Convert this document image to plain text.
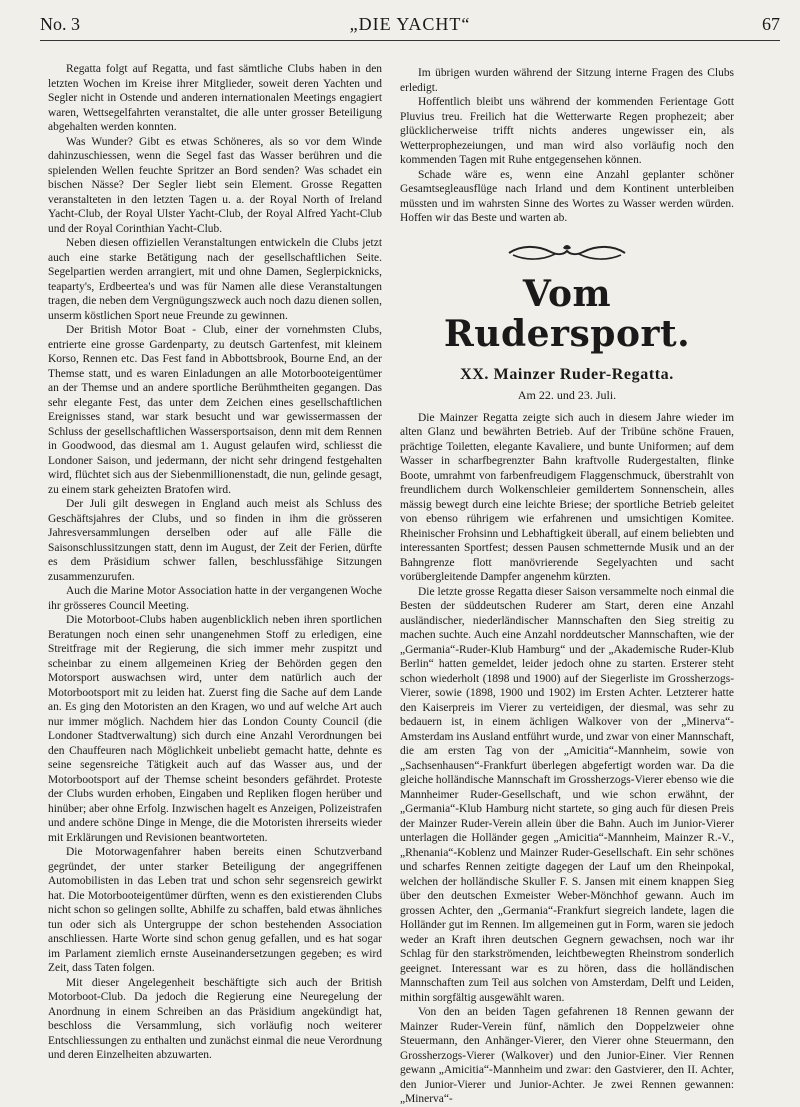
No. 3	„DIE YACHT“	67

Regatta folgt auf Regatta, und fast sämtliche Clubs haben in den letzten Wochen im Kreise ihrer Mitglieder, soweit deren Yachten und Segler nicht in Ostende und anderen internationalen Meetings engagiert waren, Wettsegelfahrten veranstaltet, die alle unter grosser Beteiligung abgehalten werden konnten.

Was Wunder? Gibt es etwas Schöneres, als so vor dem Winde dahinzuschiessen, wenn die Segel fast das Wasser berühren und die spielenden Wellen feuchte Spritzer an Bord senden? Was schadet ein bischen Nässe? Der Segler liebt sein Element. Grosse Regatten veranstalteten in den letzten Tagen u. a. der Royal North of Ireland Yacht-Club, der Royal Ulster Yacht-Club, der Royal Alfred Yacht-Club und der Royal Corinthian Yacht-Club.

Neben diesen offiziellen Veranstaltungen entwickeln die Clubs jetzt auch eine starke Betätigung nach der gesellschaftlichen Seite. Segelpartien werden arrangiert, mit und ohne Damen, Seglerpicknicks, teaparty's, Erdbeertea's und was für Namen alle diese Veranstaltungen tragen, die neben dem Vergnügungszweck auch noch dazu dienen sollen, unserm köstlichen Sport neue Freunde zu gewinnen.

Der British Motor Boat - Club, einer der vornehmsten Clubs, entrierte eine grosse Gardenparty, zu deutsch Gartenfest, mit kleinem Korso, Rennen etc. Das Fest fand in Abbottsbrook, Bourne End, an der Themse statt, und es waren Einladungen an alle Motorbooteigentümer an der Themse und an andere sportliche Berühmtheiten gegangen. Das sehr elegante Fest, das unter dem Zeichen eines gesellschaftlichen Ereignisses stand, war stark besucht und war gewissermassen der Schluss der gesellschaftlichen Wassersportsaison, denn mit dem Rennen in Goodwood, das diesmal am 1. August gelaufen wird, schliesst die Londoner Saison, und jedermann, der nicht sehr dringend festgehalten wird, flüchtet sich aus der Siebenmillionenstadt, die nun, gelinde gesagt, zu einem stark geheizten Bratofen wird.

Der Juli gilt deswegen in England auch meist als Schluss des Geschäftsjahres der Clubs, und so finden in ihm die grösseren Jahresversammlungen derselben oder auf alle Fälle die Saisonschlussitzungen statt, denn im August, der Zeit der Ferien, dürfte es dem Präsidium schwer fallen, beschlussfähige Sitzungen zusammenzurufen.

Auch die Marine Motor Association hatte in der vergangenen Woche ihr grösseres Council Meeting.

Die Motorboot-Clubs haben augenblicklich neben ihren sportlichen Beratungen noch einen sehr unangenehmen Stoff zu erledigen, eine Streitfrage mit der Regierung, die sich immer mehr zuspitzt und scheinbar zu einem allgemeinen Krieg der Behörden gegen den Motorsport auswachsen wird, unter dem natürlich auch der Motorbootsport mit zu leiden hat. Zuerst fing die Sache auf dem Lande an. Es ging den Motoristen an den Kragen, wo und auf welche Art auch nur immer möglich. Nachdem hier das London County Council (die Londoner Stadtverwaltung) sich durch eine Anzahl Verordnungen bei den Chauffeuren nach Möglichkeit unbeliebt gemacht hatte, dehnte es seine segensreiche Tätigkeit auch auf das Wasser aus, und der Motorbootsport auf der Themse scheint besonders gefährdet. Proteste der Clubs wurden erhoben, Eingaben und Repliken flogen herüber und hinüber; aber ohne Erfolg. Inzwischen hagelt es Anzeigen, Polizeistrafen und andere schöne Dinge in Menge, die die Motoristen ihrerseits wieder mit Erklärungen und Revisionen beantworteten.

Die Motorwagenfahrer haben bereits einen Schutzverband gegründet, der unter starker Beteiligung der angegriffenen Automobilisten in das Leben trat und schon sehr segensreich gewirkt hat. Die Motorbooteigentümer dürften, wenn es den existierenden Clubs nicht schon so gelingen sollte, Abhilfe zu schaffen, bald etwas ähnliches tun oder sich als Untergruppe der schon bestehenden Association anschliessen. Harte Worte sind schon genug gefallen, und es hat sogar im Parlament ziemlich ernste Auseinandersetzungen gegeben; es wird Zeit, dass Taten folgen.

Mit dieser Angelegenheit beschäftigte sich auch der British Motorboot-Club. Da jedoch die Regierung eine Neuregelung der Anordnung in einem Schreiben an das Präsidium angekündigt hat, beschloss die Versammlung, sich vorläufig noch weiterer Entschliessungen zu enthalten und zunächst einmal die neue Verordnung und deren Einzelheiten abzuwarten.

Im übrigen wurden während der Sitzung interne Fragen des Clubs erledigt.

Hoffentlich bleibt uns während der kommenden Ferientage Gott Pluvius treu. Freilich hat die Wetterwarte Regen prophezeit; aber glücklicherweise trifft nichts anderes ungewisser ein, als Wetterprophezeiungen, und man wird also vorläufig noch den kommenden Tagen mit Ruhe entgegensehen können.

Schade wäre es, wenn eine Anzahl geplanter schöner Gesamtsegleausflüge nach Irland und dem Kontinent unterbleiben müssten und im wahrsten Sinne des Wortes zu Wasser werden würden. Hoffen wir das Beste und warten ab.

Vom Rudersport.
XX. Mainzer Ruder-Regatta.
Am 22. und 23. Juli.

Die Mainzer Regatta zeigte sich auch in diesem Jahre wieder im alten Glanz und bewährten Betrieb. Auf der Tribüne schöne Frauen, prächtige Toiletten, elegante Kavaliere, und bunte Uniformen; auf dem Wasser in scharfbegrenzter Bahn kraftvolle Rudergestalten, flinke Boote, umrahmt von farbenfreudigem Flaggenschmuck, überstrahlt von freundlichem durch Wolkenschleier gemildertem Sonnenschein, alles mässig bewegt durch eine leichte Briese; der sportliche Betrieb geleitet von ebenso rührigem wie erfahrenen und umsichtigen Komitee. Rheinischer Frohsinn und Lebhaftigkeit überall, auf einem beliebten und interessanten Sportfest; dessen Pausen schmetternde Musik und an der Bahngrenze flott manövrierende Segelyachten und sacht vorübergleitende Dampfer angenehm kürzten.

Die letzte grosse Regatta dieser Saison versammelte noch einmal die Besten der süddeutschen Ruderer am Start, deren eine Anzahl ausländischer, niederländischer Mannschaften den Sieg streitig zu machen suchte. Auch eine Anzahl norddeutscher Mannschaften, wie der „Germania“-Ruder-Klub Hamburg“ und der „Akademische Ruder-Klub Berlin“ hatten gemeldet, leider jedoch ohne zu starten. Ersterer steht schon wiederholt (1898 und 1900) auf der Siegerliste im Grossherzogs-Vierer, sowie (1898, 1900 und 1902) im Ersten Achter. Letzterer hatte den Kaiserpreis im Vierer zu verteidigen, der diesmal, was sehr zu bedauern ist, in einem ächligen Walkover von der „Minerva“-Amsterdam ins Ausland entführt wurde, und zwar von einer Mannschaft, die am ersten Tag von der „Amicitia“-Mannheim, sowie von „Sachsenhausen“-Frankfurt überlegen abgefertigt worden war. Da die gleiche holländische Mannschaft im Grossherzogs-Vierer ebenso wie die Mannheimer Ruder-Gesellschaft, und wie schon erwähnt, der „Germania“-Klub Hamburg nicht startete, so ging auch für diesen Preis der Mainzer Ruder-Verein allein über die Bahn. Auch im Junior-Vierer unterlagen die Holländer gegen „Amicitia“-Mannheim, Mainzer R.-V., „Rhenania“-Koblenz und Mainzer Ruder-Gesellschaft. Ein sehr schönes und scharfes Rennen zeitigte dagegen der Lauf um den Rheinpokal, welchen der holländische Skuller F. S. Jansen mit einem knappen Sieg über den deutschen Exmeister Weber-Mönchhof gewann. Auch im grossen Achter, den „Germania“-Frankfurt siegreich landete, lagen die Holländer gut im Rennen. Im allgemeinen gut in Form, waren sie jedoch weder an Kraft ihren deutschen Gegnern gewachsen, noch war ihr Schlag für den starkströmenden, leichtbewegten Rheinstrom sonderlich geeignet. Interessant war es zu hören, dass die holländischen Mannschaften zum Teil aus solchen von Amsterdam, Delft und Leiden, mithin sorgfältig ausgewählt waren.

Von den an beiden Tagen gefahrenen 18 Rennen gewann der Mainzer Ruder-Verein fünf, nämlich den Doppelzweier ohne Steuermann, den Anhänger-Vierer, den Vierer ohne Steuermann, den Grossherzogs-Vierer (Walkover) und den Junior-Einer. Vier Rennen gewann „Amicitia“-Mannheim und zwar: den Gastvierer, den II. Achter, den Junior-Vierer und Junior-Achter. Je zwei Rennen gewannen: „Minerva“-
